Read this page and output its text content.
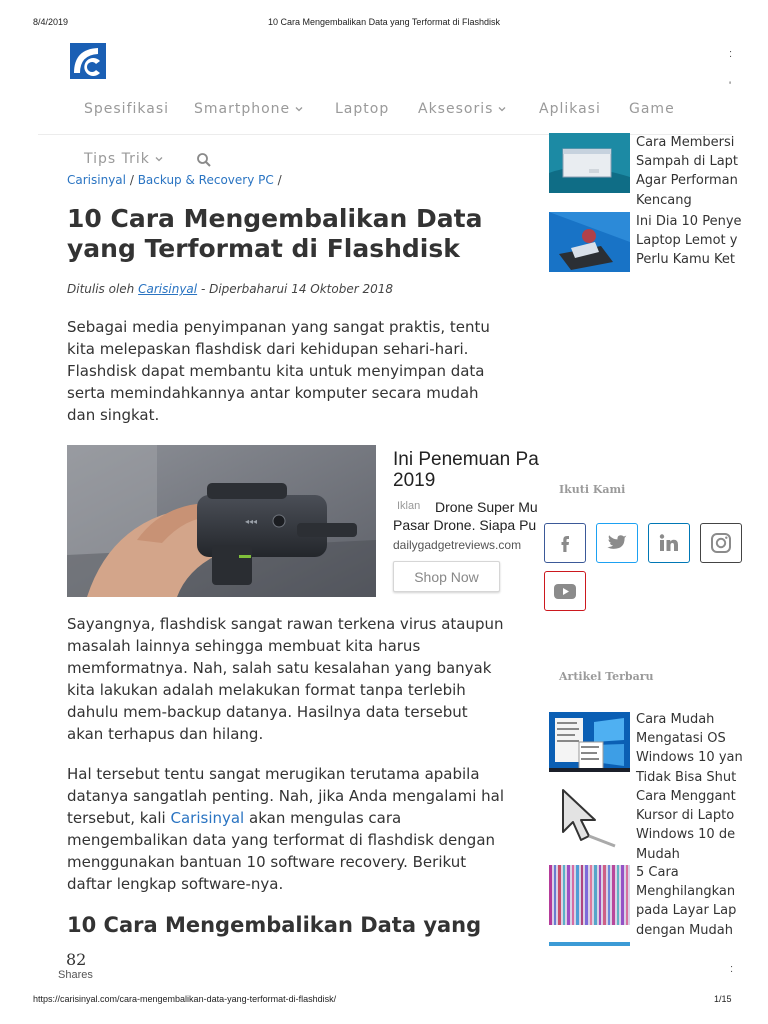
8/4/2019	10 Cara Mengembalikan Data yang Terformat di Flashdisk
:
'
Spesifikasi Smartphone	Laptop Aksesoris	Aplikasi Game
Tips Trik
Carisinyal / Backup & Recovery PC /
10 Cara Mengembalikan Data yang Terformat di Flashdisk
Ditulis oleh Carisinyal - Diperbaharui 14 Oktober 2018

Sebagai media penyimpanan yang sangat praktis, tentu kita melepaskan flashdisk dari kehidupan sehari-hari. Flashdisk dapat membantu kita untuk menyimpan data serta memindahkannya antar komputer secara mudah dan singkat.

◂◂◂
Ini Penemuan Pa
2019
Iklan	Drone Super Mu
Pasar Drone. Siapa Pu
dailygadgetreviews.com
Shop Now

Sayangnya, flashdisk sangat rawan terkena virus ataupun masalah lainnya sehingga membuat kita harus memformatnya. Nah, salah satu kesalahan yang banyak kita lakukan adalah melakukan format tanpa terlebih dahulu mem-backup datanya. Hasilnya data tersebut akan terhapus dan hilang.

Hal tersebut tentu sangat merugikan terutama apabila datanya sangatlah penting. Nah, jika Anda mengalami hal tersebut, kali Carisinyal akan mengulas cara mengembalikan data yang terformat di flashdisk dengan menggunakan bantuan 10 software recovery. Berikut daftar lengkap software-nya.

10 Cara Mengembalikan Data yang
82
Shares
Cara Membersi
Sampah di Lapt
Agar Performan
Kencang
Ini Dia 10 Penye
Laptop Lemot y
Perlu Kamu Ket
Ikuti Kami
Artikel Terbaru
Cara Mudah
Mengatasi OS
Windows 10 yan
Tidak Bisa Shut
Cara Menggant
Kursor di Lapto
Windows 10 de
Mudah
5 Cara
Menghilangkan
pada Layar Lap
dengan Mudah
:
https://carisinyal.com/cara-mengembalikan-data-yang-terformat-di-flashdisk/	1/15
